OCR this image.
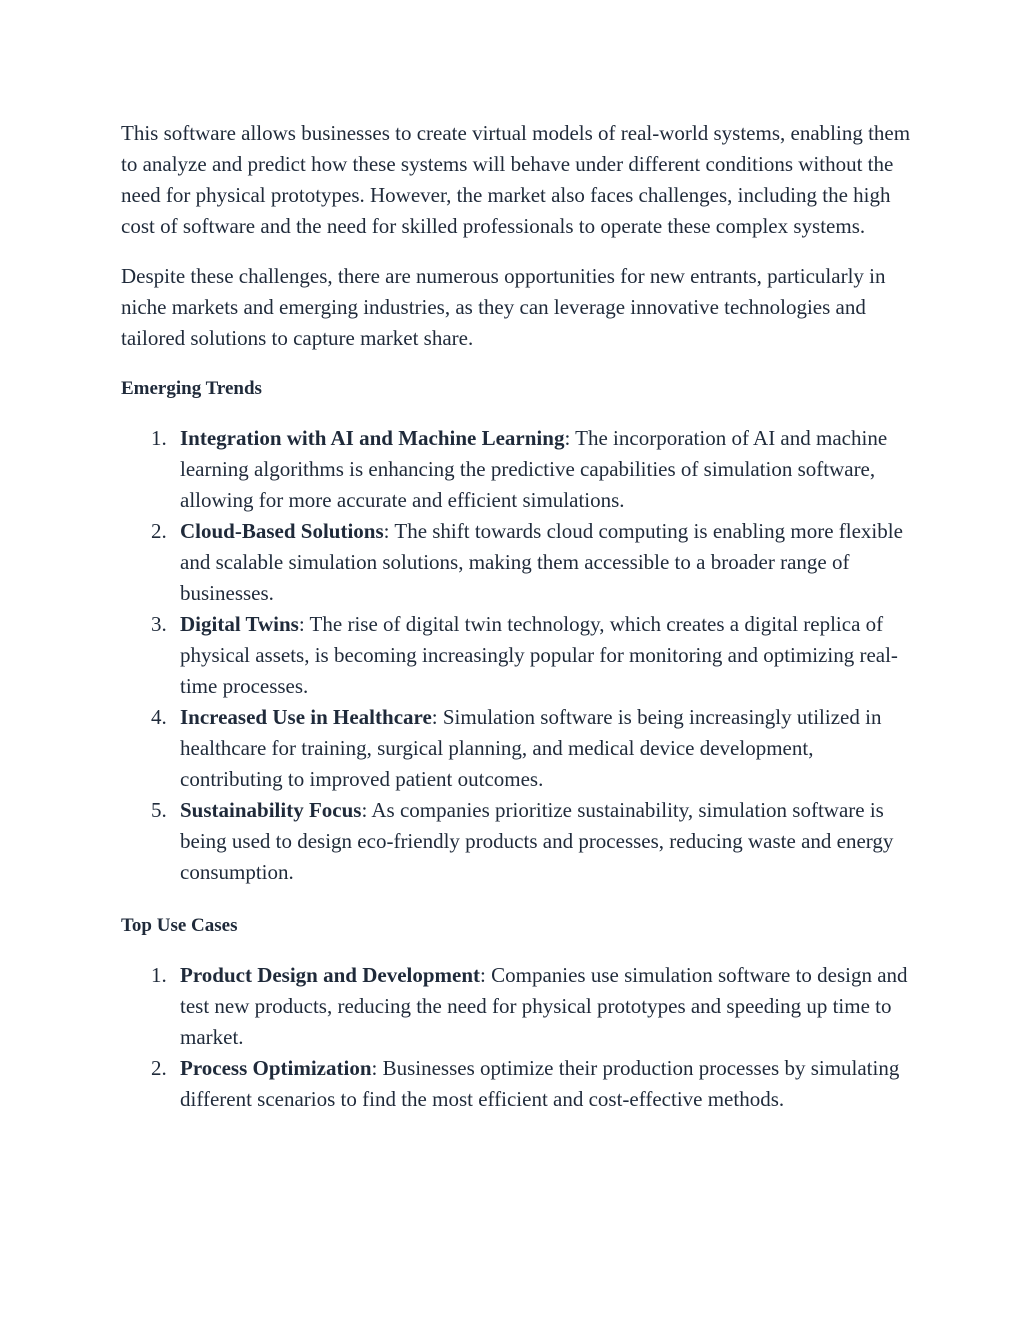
This software allows businesses to create virtual models of real-world systems, enabling them to analyze and predict how these systems will behave under different conditions without the need for physical prototypes. However, the market also faces challenges, including the high cost of software and the need for skilled professionals to operate these complex systems.

Despite these challenges, there are numerous opportunities for new entrants, particularly in niche markets and emerging industries, as they can leverage innovative technologies and tailored solutions to capture market share.

Emerging Trends
1. Integration with AI and Machine Learning: The incorporation of AI and machine learning algorithms is enhancing the predictive capabilities of simulation software, allowing for more accurate and efficient simulations.
2. Cloud-Based Solutions: The shift towards cloud computing is enabling more flexible and scalable simulation solutions, making them accessible to a broader range of businesses.
3. Digital Twins: The rise of digital twin technology, which creates a digital replica of physical assets, is becoming increasingly popular for monitoring and optimizing real-time processes.
4. Increased Use in Healthcare: Simulation software is being increasingly utilized in healthcare for training, surgical planning, and medical device development, contributing to improved patient outcomes.
5. Sustainability Focus: As companies prioritize sustainability, simulation software is being used to design eco-friendly products and processes, reducing waste and energy consumption.
Top Use Cases
1. Product Design and Development: Companies use simulation software to design and test new products, reducing the need for physical prototypes and speeding up time to market.
2. Process Optimization: Businesses optimize their production processes by simulating different scenarios to find the most efficient and cost-effective methods.
